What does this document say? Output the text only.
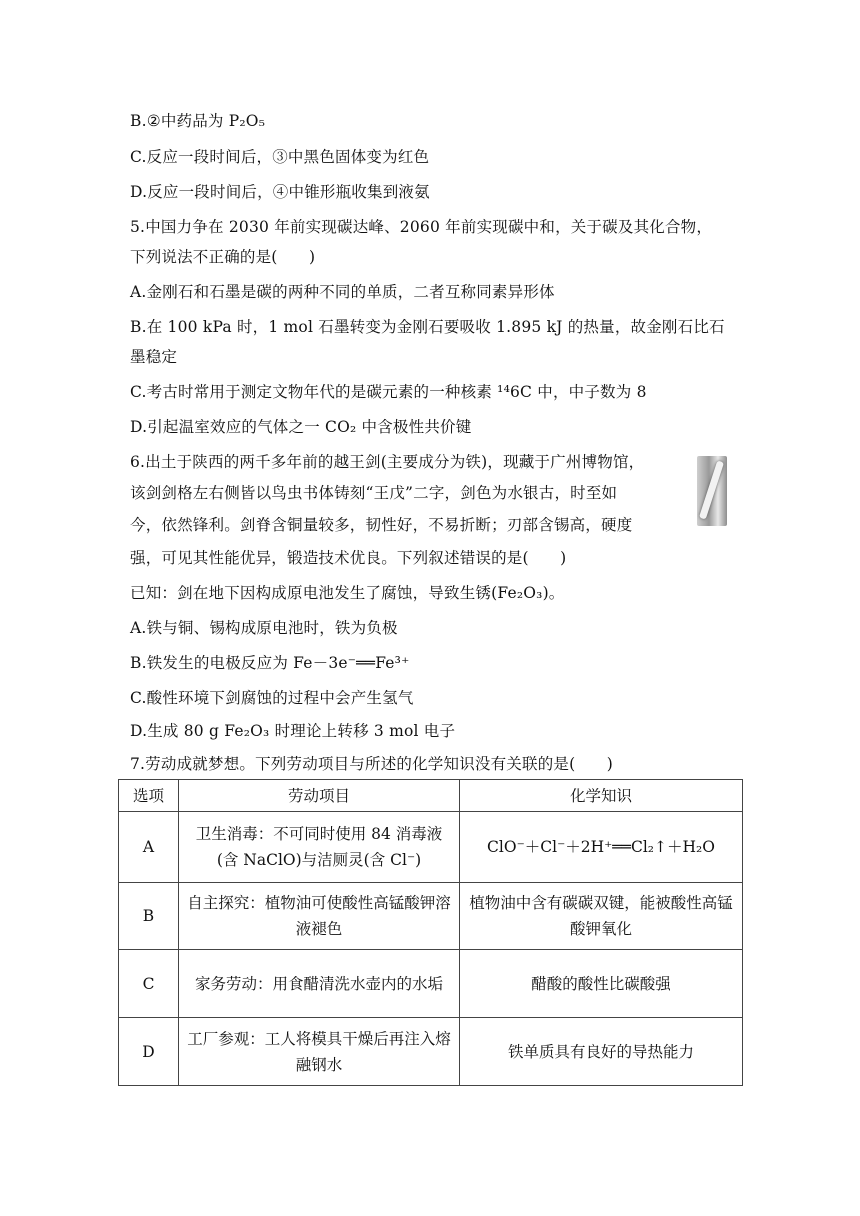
B.②中药品为 P₂O₅
C.反应一段时间后，③中黑色固体变为红色
D.反应一段时间后，④中锥形瓶收集到液氨
5.中国力争在 2030 年前实现碳达峰、2060 年前实现碳中和，关于碳及其化合物，
下列说法不正确的是(　　)
A.金刚石和石墨是碳的两种不同的单质，二者互称同素异形体
B.在 100 kPa 时，1 mol 石墨转变为金刚石要吸收 1.895 kJ 的热量，故金刚石比石
墨稳定
C.考古时常用于测定文物年代的是碳元素的一种核素 ¹⁴6C 中，中子数为 8
D.引起温室效应的气体之一 CO₂ 中含极性共价键
6.出土于陕西的两千多年前的越王剑(主要成分为铁)，现藏于广州博物馆，
该剑剑格左右侧皆以鸟虫书体铸刻“王戊”二字，剑色为水银古，时至如
今，依然锋利。剑脊含铜量较多，韧性好，不易折断；刃部含锡高，硬度
强，可见其性能优异，锻造技术优良。下列叙述错误的是(　　)
已知：剑在地下因构成原电池发生了腐蚀，导致生锈(Fe₂O₃)。
A.铁与铜、锡构成原电池时，铁为负极
B.铁发生的电极反应为 Fe－3e⁻══Fe³⁺
C.酸性环境下剑腐蚀的过程中会产生氢气
D.生成 80 g Fe₂O₃ 时理论上转移 3 mol 电子
7.劳动成就梦想。下列劳动项目与所述的化学知识没有关联的是(　　)
选项	劳动项目	化学知识
A	卫生消毒：不可同时使用 84 消毒液(含 NaClO)与洁厕灵(含 Cl⁻)	ClO⁻＋Cl⁻＋2H⁺══Cl₂↑＋H₂O
B	自主探究：植物油可使酸性高锰酸钾溶液褪色	植物油中含有碳碳双键，能被酸性高锰酸钾氧化
C	家务劳动：用食醋清洗水壶内的水垢	醋酸的酸性比碳酸强
D	工厂参观：工人将模具干燥后再注入熔融钢水	铁单质具有良好的导热能力
